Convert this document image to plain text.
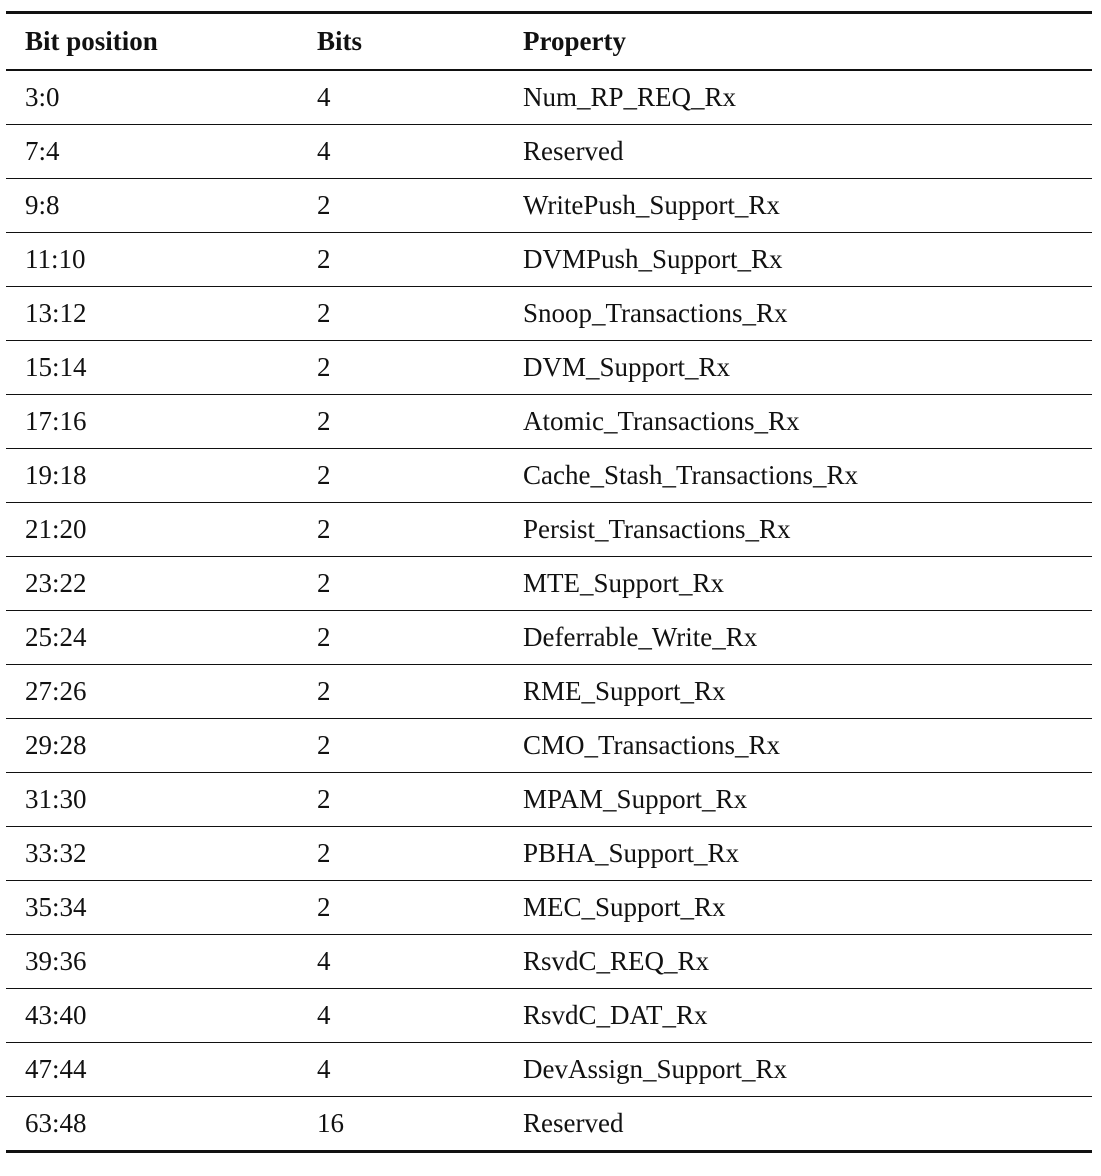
Bit position	Bits	Property
3:0	4	Num_RP_REQ_Rx
7:4	4	Reserved
9:8	2	WritePush_Support_Rx
11:10	2	DVMPush_Support_Rx
13:12	2	Snoop_Transactions_Rx
15:14	2	DVM_Support_Rx
17:16	2	Atomic_Transactions_Rx
19:18	2	Cache_Stash_Transactions_Rx
21:20	2	Persist_Transactions_Rx
23:22	2	MTE_Support_Rx
25:24	2	Deferrable_Write_Rx
27:26	2	RME_Support_Rx
29:28	2	CMO_Transactions_Rx
31:30	2	MPAM_Support_Rx
33:32	2	PBHA_Support_Rx
35:34	2	MEC_Support_Rx
39:36	4	RsvdC_REQ_Rx
43:40	4	RsvdC_DAT_Rx
47:44	4	DevAssign_Support_Rx
63:48	16	Reserved
